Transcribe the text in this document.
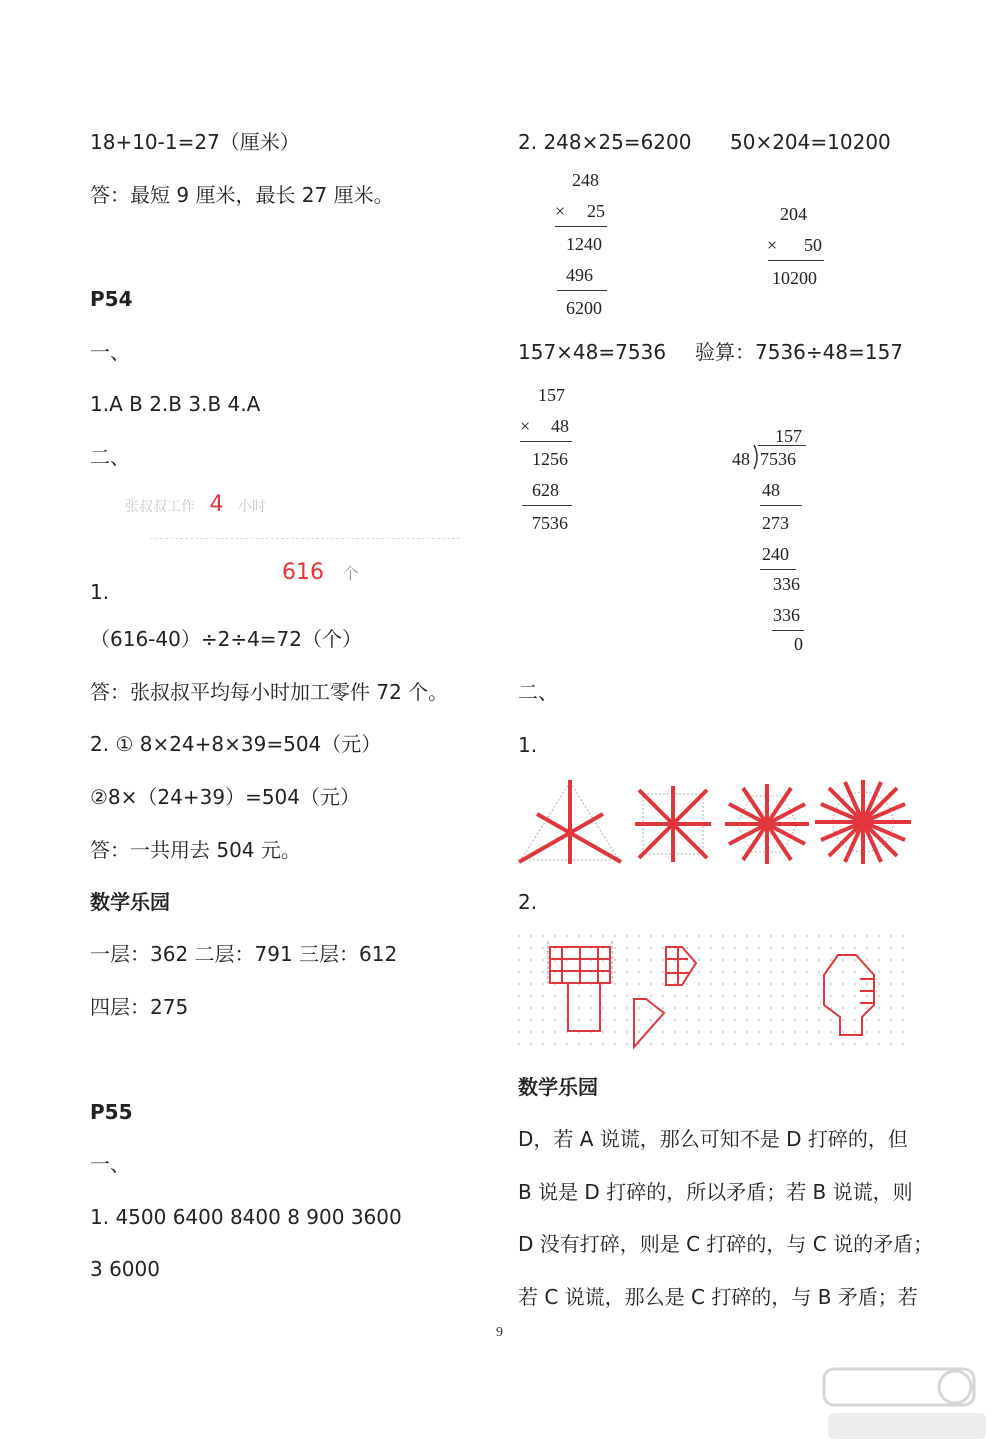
18+10-1=27（厘米）
答：最短 9 厘米，最长 27 厘米。
P54
一、
1.A B 2.B 3.B 4.A
二、
张叔叔工作 4 小时
616 个
1.
（616-40）÷2÷4=72（个）
答：张叔叔平均每小时加工零件 72 个。
2. ① 8×24+8×39=504（元）
②8×（24+39）=504（元）
答：一共用去 504 元。
数学乐园
一层：362 二层：791 三层：612
四层：275
P55
一、
1. 4500 6400 8400 8 900 3600
3 6000
2. 248×25=6200 50×204=10200
248
× 25
1240
496
6200
204
× 50
10200
157×48=7536 验算：7536÷48=157
157
× 48
1256
628
7536
157
48 7536
48
273
240
336
336
0
二、
1.
2.
数学乐园
D，若 A 说谎，那么可知不是 D 打碎的，但
B 说是 D 打碎的，所以矛盾；若 B 说谎，则
D 没有打碎，则是 C 打碎的，与 C 说的矛盾；
若 C 说谎，那么是 C 打碎的，与 B 矛盾；若
9
